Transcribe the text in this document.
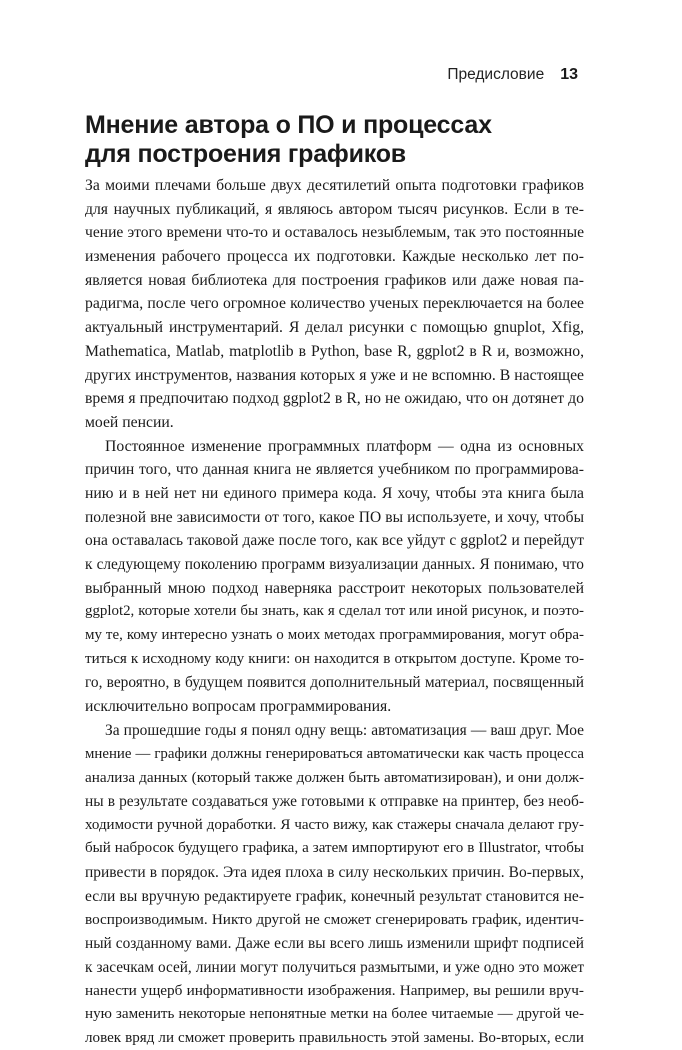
Предисловие 13
Мнение автора о ПО и процессах
для построения графиков
За моими плечами больше двух десятилетий опыта подготовки графиков
для научных публикаций, я являюсь автором тысяч рисунков. Если в те-
чение этого времени что-то и оставалось незыблемым, так это постоянные
изменения рабочего процесса их подготовки. Каждые несколько лет по-
является новая библиотека для построения графиков или даже новая па-
радигма, после чего огромное количество ученых переключается на более
актуальный инструментарий. Я делал рисунки с помощью gnuplot, Xfig,
Mathematica, Matlab, matplotlib в Python, base R, ggplot2 в R и, возможно,
других инструментов, названия которых я уже и не вспомню. В настоящее
время я предпочитаю подход ggplot2 в R, но не ожидаю, что он дотянет до
моей пенсии.
Постоянное изменение программных платформ — одна из основных
причин того, что данная книга не является учебником по программирова-
нию и в ней нет ни единого примера кода. Я хочу, чтобы эта книга была
полезной вне зависимости от того, какое ПО вы используете, и хочу, чтобы
она оставалась таковой даже после того, как все уйдут с ggplot2 и перейдут
к следующему поколению программ визуализации данных. Я понимаю, что
выбранный мною подход наверняка расстроит некоторых пользователей
ggplot2, которые хотели бы знать, как я сделал тот или иной рисунок, и поэто-
му те, кому интересно узнать о моих методах программирования, могут обра-
титься к исходному коду книги: он находится в открытом доступе. Кроме то-
го, вероятно, в будущем появится дополнительный материал, посвященный
исключительно вопросам программирования.
За прошедшие годы я понял одну вещь: автоматизация — ваш друг. Мое
мнение — графики должны генерироваться автоматически как часть процесса
анализа данных (который также должен быть автоматизирован), и они долж-
ны в результате создаваться уже готовыми к отправке на принтер, без необ-
ходимости ручной доработки. Я часто вижу, как стажеры сначала делают гру-
бый набросок будущего графика, а затем импортируют его в Illustrator, чтобы
привести в порядок. Эта идея плоха в силу нескольких причин. Во-первых,
если вы вручную редактируете график, конечный результат становится не-
воспроизводимым. Никто другой не сможет сгенерировать график, идентич-
ный созданному вами. Даже если вы всего лишь изменили шрифт подписей
к засечкам осей, линии могут получиться размытыми, и уже одно это может
нанести ущерб информативности изображения. Например, вы решили вруч-
ную заменить некоторые непонятные метки на более читаемые — другой че-
ловек вряд ли сможет проверить правильность этой замены. Во-вторых, если
